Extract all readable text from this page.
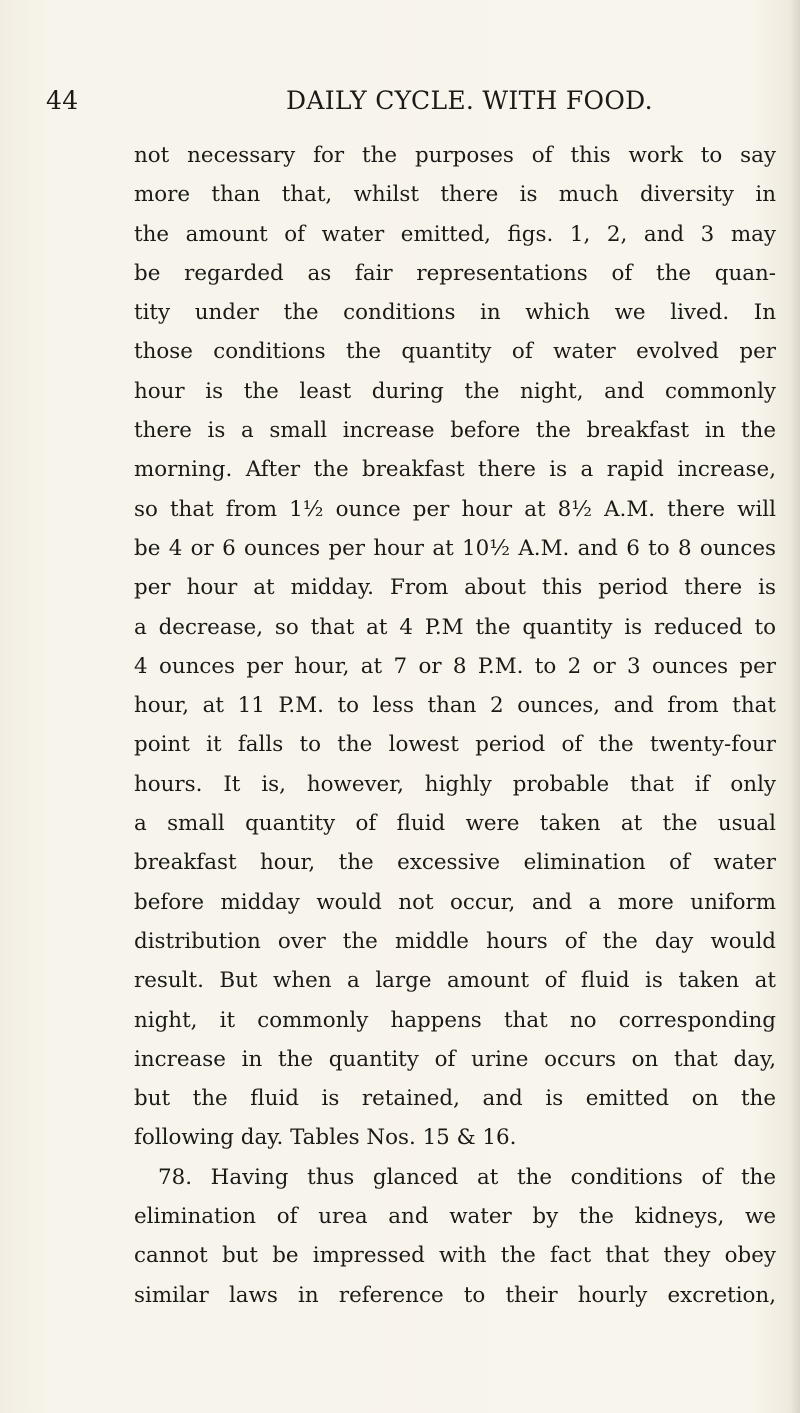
44	DAILY CYCLE. WITH FOOD.
not necessary for the purposes of this work to say
more than that, whilst there is much diversity in
the amount of water emitted, figs. 1, 2, and 3 may
be regarded as fair representations of the quan-
tity under the conditions in which we lived. In
those conditions the quantity of water evolved per
hour is the least during the night, and commonly
there is a small increase before the breakfast in the
morning. After the breakfast there is a rapid increase,
so that from 1½ ounce per hour at 8½ A.M. there will
be 4 or 6 ounces per hour at 10½ A.M. and 6 to 8 ounces
per hour at midday. From about this period there is
a decrease, so that at 4 P.M the quantity is reduced to
4 ounces per hour, at 7 or 8 P.M. to 2 or 3 ounces per
hour, at 11 P.M. to less than 2 ounces, and from that
point it falls to the lowest period of the twenty-four
hours. It is, however, highly probable that if only
a small quantity of fluid were taken at the usual
breakfast hour, the excessive elimination of water
before midday would not occur, and a more uniform
distribution over the middle hours of the day would
result. But when a large amount of fluid is taken at
night, it commonly happens that no corresponding
increase in the quantity of urine occurs on that day,
but the fluid is retained, and is emitted on the
following day. Tables Nos. 15 & 16.
78. Having thus glanced at the conditions of the
elimination of urea and water by the kidneys, we
cannot but be impressed with the fact that they obey
similar laws in reference to their hourly excretion,
